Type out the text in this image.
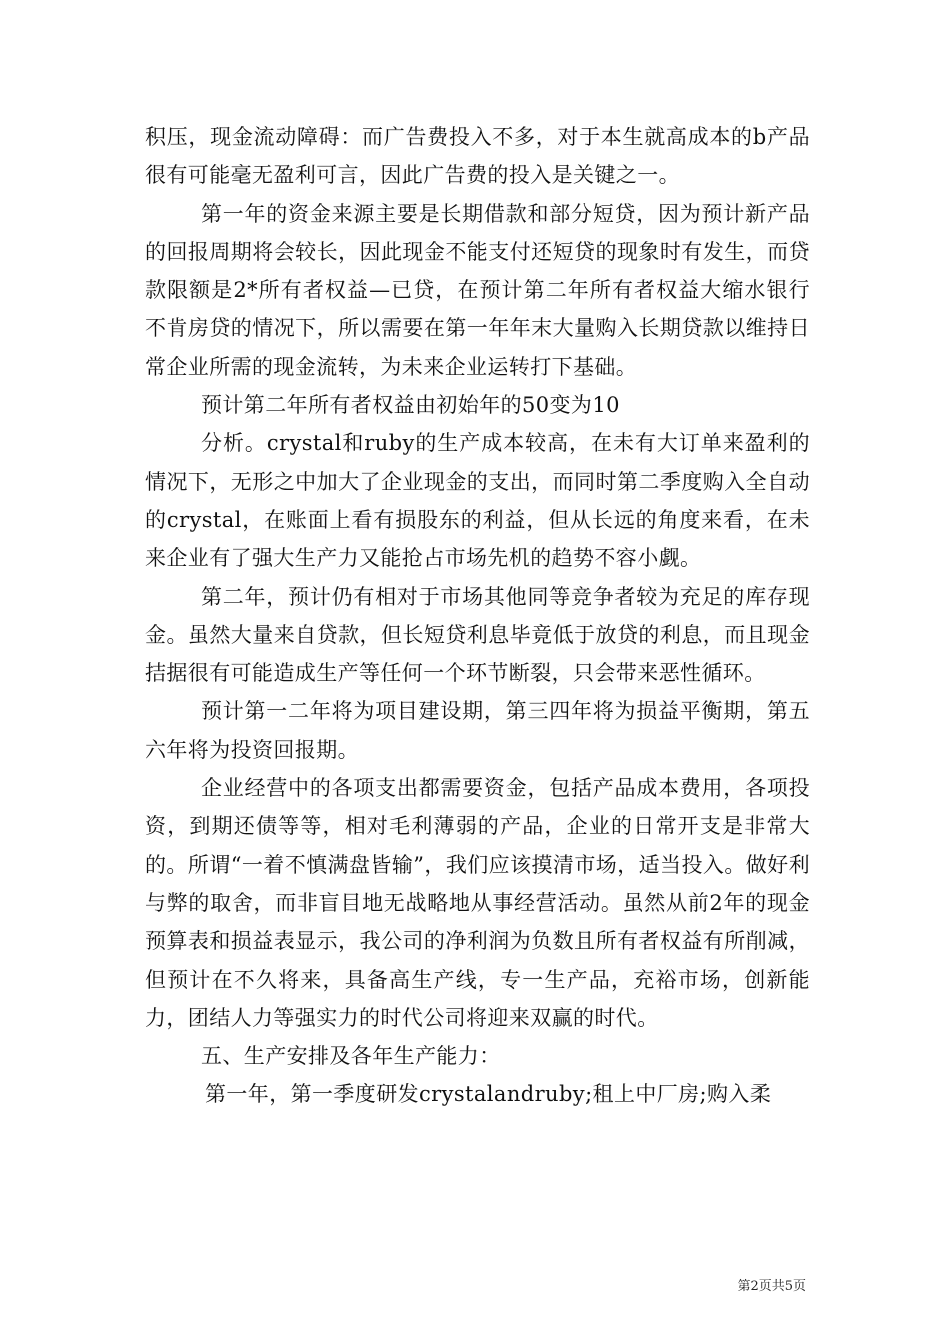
积压，现金流动障碍：而广告费投入不多，对于本生就高成本的b产品很有可能毫无盈利可言，因此广告费的投入是关键之一。

第一年的资金来源主要是长期借款和部分短贷，因为预计新产品的回报周期将会较长，因此现金不能支付还短贷的现象时有发生，而贷款限额是2*所有者权益—已贷，在预计第二年所有者权益大缩水银行不肯房贷的情况下，所以需要在第一年年末大量购入长期贷款以维持日常企业所需的现金流转，为未来企业运转打下基础。

预计第二年所有者权益由初始年的50变为10

分析。crystal和ruby的生产成本较高，在未有大订单来盈利的情况下，无形之中加大了企业现金的支出，而同时第二季度购入全自动的crystal，在账面上看有损股东的利益，但从长远的角度来看，在未来企业有了强大生产力又能抢占市场先机的趋势不容小觑。

第二年，预计仍有相对于市场其他同等竞争者较为充足的库存现金。虽然大量来自贷款，但长短贷利息毕竟低于放贷的利息，而且现金拮据很有可能造成生产等任何一个环节断裂，只会带来恶性循环。

预计第一二年将为项目建设期，第三四年将为损益平衡期，第五六年将为投资回报期。

企业经营中的各项支出都需要资金，包括产品成本费用，各项投资，到期还债等等，相对毛利薄弱的产品，企业的日常开支是非常大的。所谓“一着不慎满盘皆输”，我们应该摸清市场，适当投入。做好利与弊的取舍，而非盲目地无战略地从事经营活动。虽然从前2年的现金预算表和损益表显示，我公司的净利润为负数且所有者权益有所削减，但预计在不久将来，具备高生产线，专一生产品，充裕市场，创新能力，团结人力等强实力的时代公司将迎来双赢的时代。

五、生产安排及各年生产能力：

第一年，第一季度研发crystalandruby;租上中厂房;购入柔

第2页共5页
